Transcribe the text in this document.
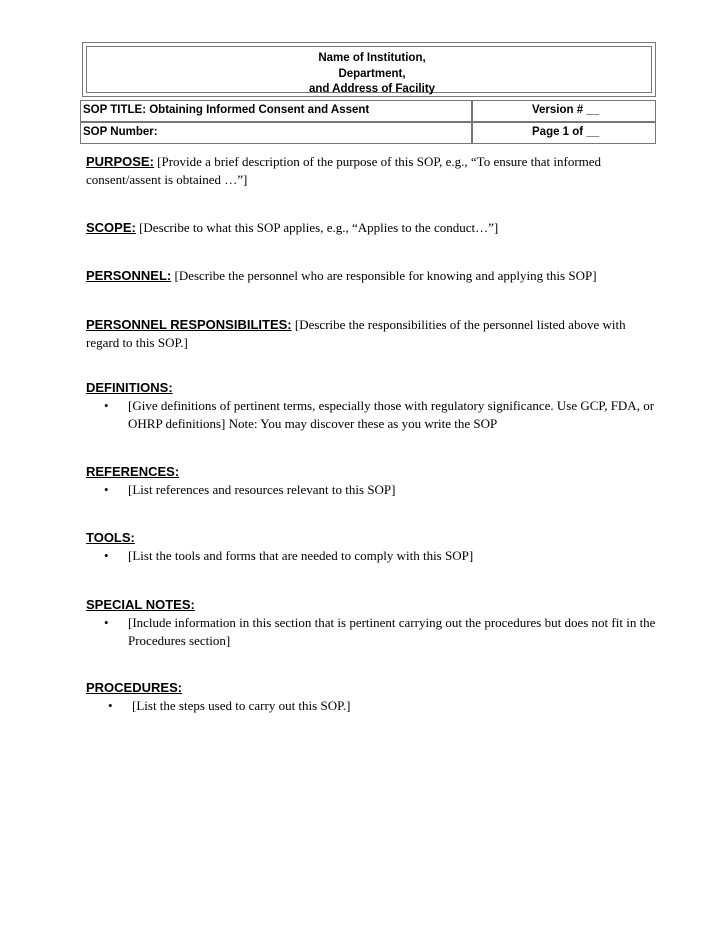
Name of Institution,
Department,
and Address of Facility
SOP TITLE: Obtaining Informed Consent and Assent	Version # __
SOP Number:	Page 1 of __
PURPOSE: [Provide a brief description of the purpose of this SOP, e.g., “To ensure that informed consent/assent is obtained …”]
SCOPE: [Describe to what this SOP applies, e.g., “Applies to the conduct…”]
PERSONNEL: [Describe the personnel who are responsible for knowing and applying this SOP]
PERSONNEL RESPONSIBILITES: [Describe the responsibilities of the personnel listed above with regard to this SOP.]
DEFINITIONS:
• [Give definitions of pertinent terms, especially those with regulatory significance. Use GCP, FDA, or OHRP definitions] Note: You may discover these as you write the SOP
REFERENCES:
• [List references and resources relevant to this SOP]
TOOLS:
• [List the tools and forms that are needed to comply with this SOP]
SPECIAL NOTES:
• [Include information in this section that is pertinent carrying out the procedures but does not fit in the Procedures section]
PROCEDURES:
• [List the steps used to carry out this SOP.]
